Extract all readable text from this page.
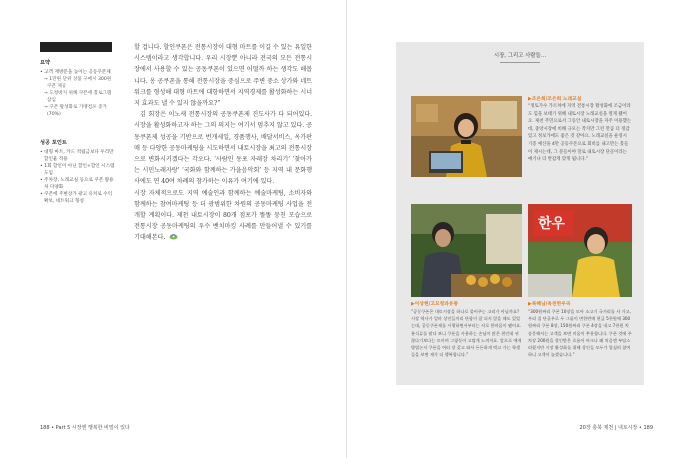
요약
• 고객 재방문을 높이는 공동쿠폰제
→ 1만원 단위 상품 구매시 300원 쿠폰 제공
→ 도청방지 위해 쿠폰에 홀로그램 삽입
→ 쿠폰 활성화로 가맹점포 증가 (70%)
성공 포인트
• 대형 마트, 카드 적립금보다 우리만 할인율 적용
• 1회 할인이 아닌 할인+할인 시스템 도입
• 주차장, 노래교실 등으로 쿠폰 활용처 다양화
• 쿠폰에 주변상가 광고 유치로 수익 확보, 네트워크 형성

할 겁니다. 할인쿠폰은 전통시장이 대형 마트를 이길 수 있는 유일한 시스템이라고 생각합니다. 우리 시장뿐 아니라 전국의 모든 전통시장에서 사용할 수 있는 공동쿠폰이 있으면 어떨까 하는 생각도 해봅니다. 옹 공쿠폰을 통해 전통시장을 중심으로 주변 중소 상가와 네트워크를 형성해 대형 마트에 대항하면서 지역경제를 활성화하는 시너지 효과도 낼 수 있지 않을까요?”

김 회장은 이노새 전통시장의 공동쿠폰제 진도사가 다 되어있다. 시장을 활성화하고자 하는 그의 의지는 여기서 멈추지 않고 있다. 공동쿠폰제 성공을 기반으로 번개세일, 경품행사, 배달서비스, 옥가판매 등 다양한 공동마케팅을 시도하면서 내토시장을 최고의 전통시장으로 변화시키겠다는 각오다. ‘사람인 동포 자래장 차리기’ ‘찾아가는 시민노래자랑’ ‘국화와 함께하는 가을음악회’ 등 지역 내 문화행사에도 연 40여 차례의 참가하는 이유가 여기에 있다.

시장 자체적으로도 지역 예술인과 함께하는 예술마케팅, 소비자와 함께하는 참여마케팅 등 더 광범위한 차원의 공동마케팅 사업을 전개할 계획이다. 제천 내토시장이 80개 점포가 똘똘 뭉친 모습으로 전통시장 공동마케팅의 우수 벤치마킹 사례를 만들어낼 수 있기를 기대해본다.

188 • Part 5 시장엔 행복한 비밀이 있다
시장, 그리고 사람들…
▶조은희/조은희 노래교실
“정토가수 가르쳐에 지역 전통시장 활성화에 조금이라도 힘을 보태기 위해 내토시장 노래교실을 열게 됐어요. 제천 주민으로서 그동안 내토시장을 자주 이용했는데, 중앙시장에 비해 규모는 작지만 그런 만큼 더 정감 있고 정보가에도 좋은 것 같아요. 노래교실을 운영시 기증 예산을 4만 공동쿠폰으로 회비를 내고만는 홀들이 제시는데, 그 분들이야 말로 내토시장 단골이라는 얘기나 더 반갑게 맞게 됩니다.”
▶이상현/고모청과유통
“공동쿠폰은 내토시장을 하나로 묶어주는 고리가 아닐까요? 시장 역사가 얼마 상인들끼리 단합이 잘 되지 않을 때도 있었는데, 공동쿠폰제를 시행하면서부터는 서로 한마음이 됐어요. 분식류를 팔다 보니 쿠폰을 사용하는 손님이 많은 편인데 귀찮다기보다는 모이며 그렇듯이 고맙게 느껴져요. 앞으로 예게 방법논지 쿠폰을 여러 장 갖고 와서 든든하게 먹고 가는 학생들을 보면 제가 더 행복합니다.”
한우
▶목혜님/옥천한우곡
“300원짜리 쿠폰 10장을 모아 소고기 국거리를 사 가고, 우리 집 단골우로 두 그룹이 변한번에 현금 5천원에 300원짜리 쿠폰 8장, 150원짜리 쿠폰 4장을 내고 7천원 치 송문해서는 고객을 보면 미움이 쭈웃합니다. 쿠폰 것에 주차장 200원을 할인받은 흐름이 아크나 왜 처음엔 부담스러웠지만 시장 활성화를 위해 상인들 모두가 열심히 참여하니 고객이 놀겠습니다.”
20장 충북 제천 | 내토시장 • 189
